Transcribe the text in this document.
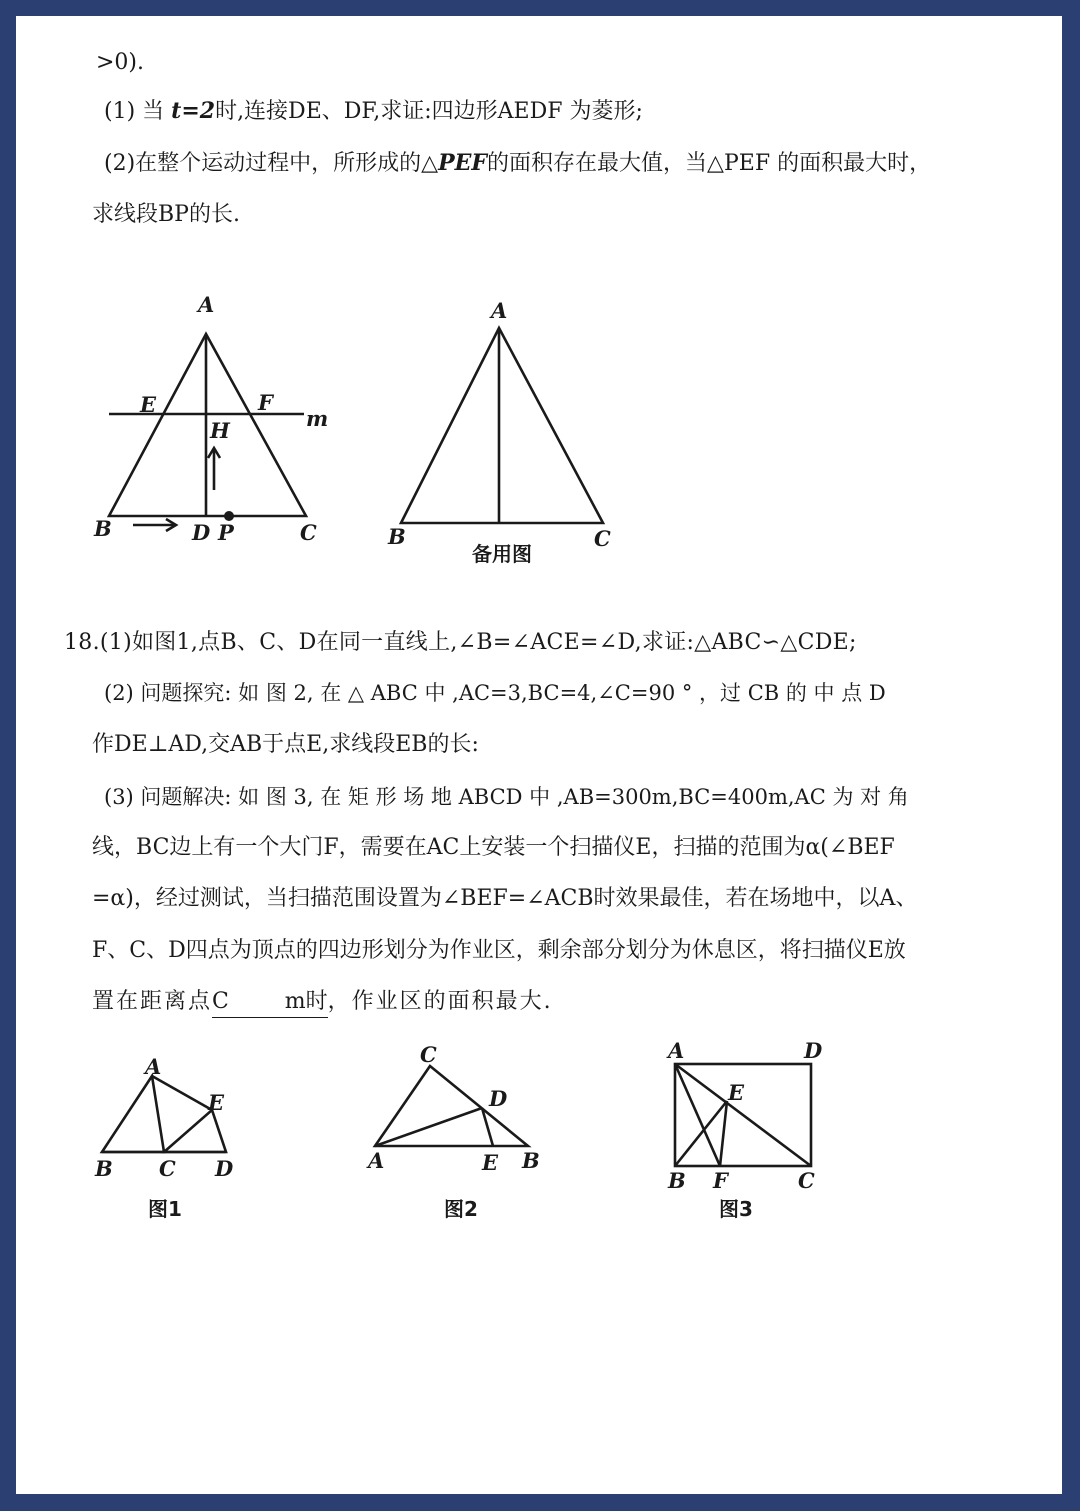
>0).
(1) 当 t=2时,连接DE、DF,求证:四边形AEDF 为菱形;
(2)在整个运动过程中，所形成的△PEF的面积存在最大值，当△PEF 的面积最大时，
求线段BP的长.
A
E	F
m
H
B	D P	C
A
B	C
备用图
18.(1)如图1,点B、C、D在同一直线上,∠B=∠ACE=∠D,求证:△ABC∽△CDE;
(2) 问题探究: 如 图 2, 在 △ ABC 中 ,AC=3,BC=4,∠C=90 ° ，过 CB 的 中 点 D
作DE⊥AD,交AB于点E,求线段EB的长:
(3) 问题解决: 如 图 3, 在 矩 形 场 地 ABCD 中 ,AB=300m,BC=400m,AC 为 对 角
线，BC边上有一个大门F，需要在AC上安装一个扫描仪E，扫描的范围为α(∠BEF
=α)，经过测试，当扫描范围设置为∠BEF=∠ACB时效果最佳，若在场地中，以A、
F、C、D四点为顶点的四边形划分为作业区，剩余部分划分为休息区，将扫描仪E放
置在距离点C        m时，作业区的面积最大.
A
E
B C D
图1
C
D
A	E B
图2
A	D
E
B F	C
图3
